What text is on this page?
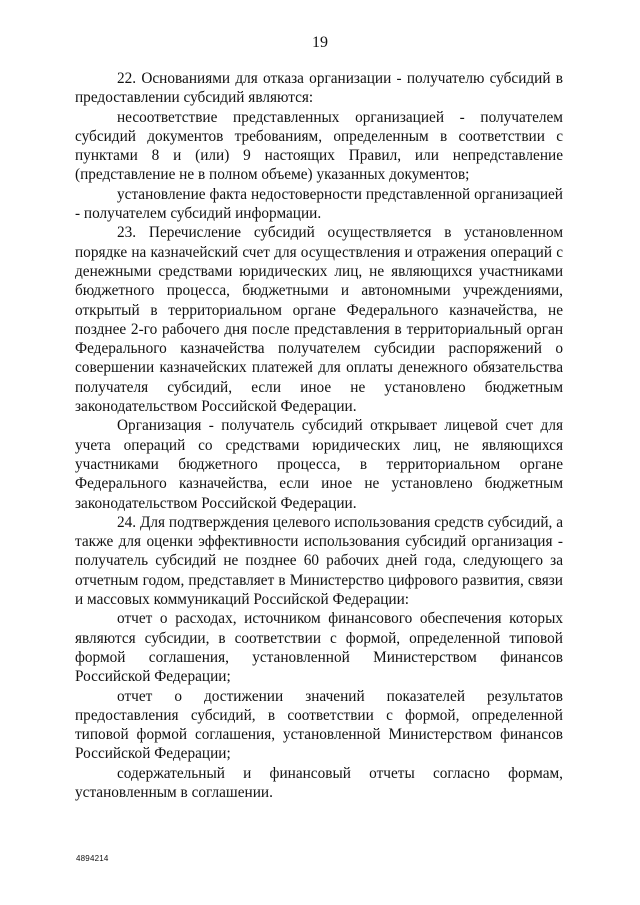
19

22. Основаниями для отказа организации - получателю субсидий в предоставлении субсидий являются:

несоответствие представленных организацией - получателем субсидий документов требованиям, определенным в соответствии с пунктами 8 и (или) 9 настоящих Правил, или непредставление (представление не в полном объеме) указанных документов;

установление факта недостоверности представленной организацией - получателем субсидий информации.

23. Перечисление субсидий осуществляется в установленном порядке на казначейский счет для осуществления и отражения операций с денежными средствами юридических лиц, не являющихся участниками бюджетного процесса, бюджетными и автономными учреждениями, открытый в территориальном органе Федерального казначейства, не позднее 2-го рабочего дня после представления в территориальный орган Федерального казначейства получателем субсидии распоряжений о совершении казначейских платежей для оплаты денежного обязательства получателя субсидий, если иное не установлено бюджетным законодательством Российской Федерации.

Организация - получатель субсидий открывает лицевой счет для учета операций со средствами юридических лиц, не являющихся участниками бюджетного процесса, в территориальном органе Федерального казначейства, если иное не установлено бюджетным законодательством Российской Федерации.

24. Для подтверждения целевого использования средств субсидий, а также для оценки эффективности использования субсидий организация - получатель субсидий не позднее 60 рабочих дней года, следующего за отчетным годом, представляет в Министерство цифрового развития, связи и массовых коммуникаций Российской Федерации:

отчет о расходах, источником финансового обеспечения которых являются субсидии, в соответствии с формой, определенной типовой формой соглашения, установленной Министерством финансов Российской Федерации;

отчет о достижении значений показателей результатов предоставления субсидий, в соответствии с формой, определенной типовой формой соглашения, установленной Министерством финансов Российской Федерации;

содержательный и финансовый отчеты согласно формам, установленным в соглашении.

4894214
